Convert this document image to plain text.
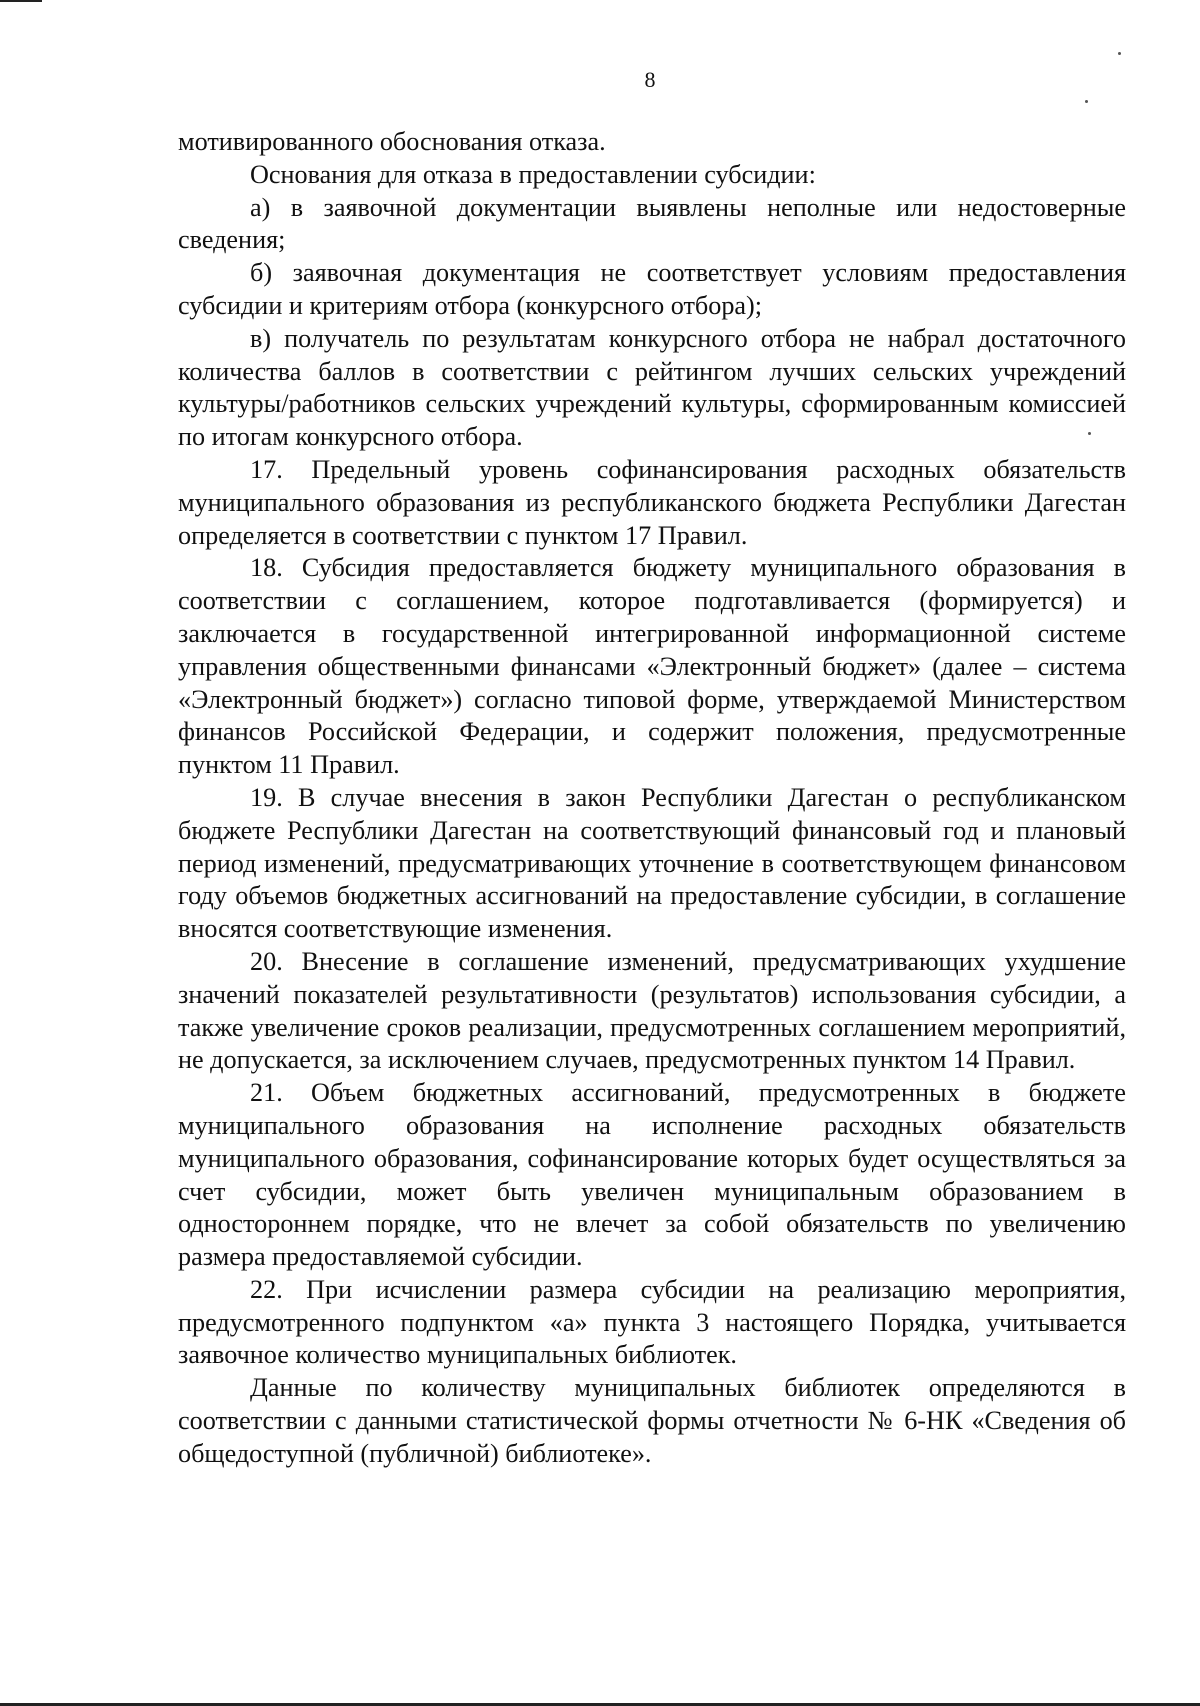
8

мотивированного обоснования отказа.

Основания для отказа в предоставлении субсидии:

а) в заявочной документации выявлены неполные или недостоверные сведения;

б) заявочная документация не соответствует условиям предоставления субсидии и критериям отбора (конкурсного отбора);

в) получатель по результатам конкурсного отбора не набрал достаточного количества баллов в соответствии с рейтингом лучших сельских учреждений культуры/работников сельских учреждений культуры, сформированным комиссией по итогам конкурсного отбора.

17. Предельный уровень софинансирования расходных обязательств муниципального образования из республиканского бюджета Республики Дагестан определяется в соответствии с пунктом 17 Правил.

18. Субсидия предоставляется бюджету муниципального образования в соответствии с соглашением, которое подготавливается (формируется) и заключается в государственной интегрированной информационной системе управления общественными финансами «Электронный бюджет» (далее – система «Электронный бюджет») согласно типовой форме, утверждаемой Министерством финансов Российской Федерации, и содержит положения, предусмотренные пунктом 11 Правил.

19. В случае внесения в закон Республики Дагестан о республиканском бюджете Республики Дагестан на соответствующий финансовый год и плановый период изменений, предусматривающих уточнение в соответствующем финансовом году объемов бюджетных ассигнований на предоставление субсидии, в соглашение вносятся соответствующие изменения.

20. Внесение в соглашение изменений, предусматривающих ухудшение значений показателей результативности (результатов) использования субсидии, а также увеличение сроков реализации, предусмотренных соглашением мероприятий, не допускается, за исключением случаев, предусмотренных пунктом 14 Правил.

21. Объем бюджетных ассигнований, предусмотренных в бюджете муниципального образования на исполнение расходных обязательств муниципального образования, софинансирование которых будет осуществляться за счет субсидии, может быть увеличен муниципальным образованием в одностороннем порядке, что не влечет за собой обязательств по увеличению размера предоставляемой субсидии.

22. При исчислении размера субсидии на реализацию мероприятия, предусмотренного подпунктом «а» пункта 3 настоящего Порядка, учитывается заявочное количество муниципальных библиотек.

Данные по количеству муниципальных библиотек определяются в соответствии с данными статистической формы отчетности № 6-НК «Сведения об общедоступной (публичной) библиотеке».
